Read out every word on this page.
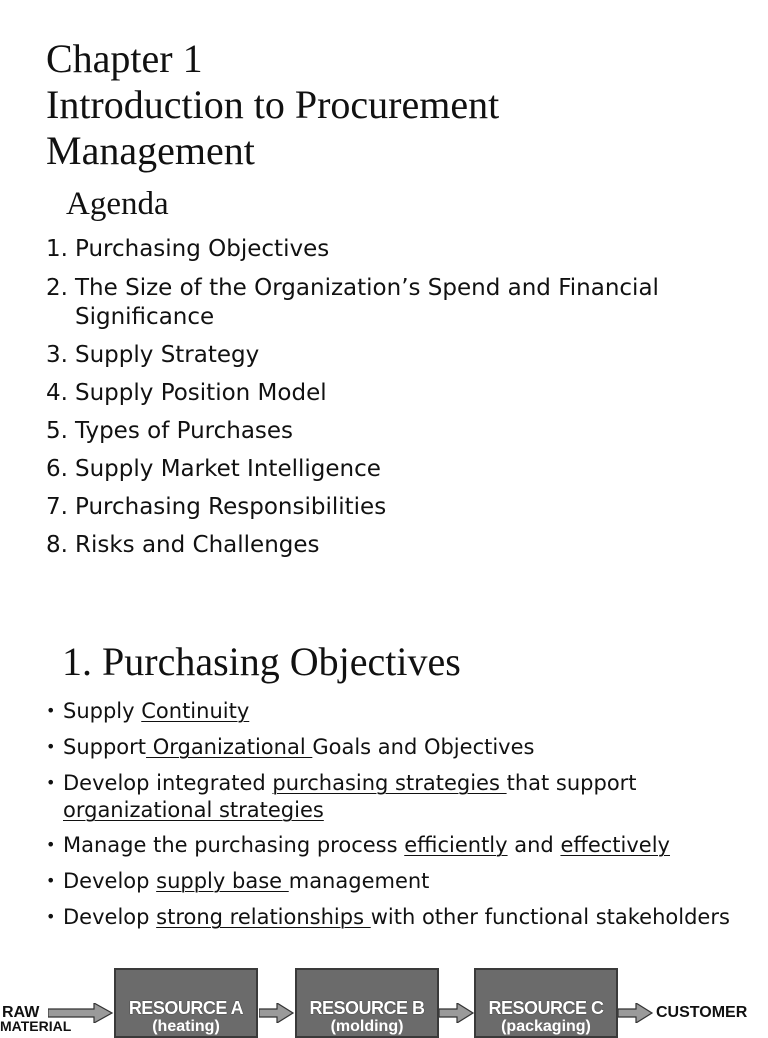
Chapter 1
Introduction to Procurement
Management
Agenda
1. Purchasing Objectives
2. The Size of the Organization’s Spend and Financial
Significance
3. Supply Strategy
4. Supply Position Model
5. Types of Purchases
6. Supply Market Intelligence
7. Purchasing Responsibilities
8. Risks and Challenges
1. Purchasing Objectives
• Supply Continuity
• Support Organizational Goals and Objectives
• Develop integrated purchasing strategies that support
organizational strategies
• Manage the purchasing process efficiently and effectively
• Develop supply base management
• Develop strong relationships with other functional stakeholders
RAW
MATERIAL
RESOURCE A
(heating)
RESOURCE B
(molding)
RESOURCE C
(packaging)
CUSTOMER
